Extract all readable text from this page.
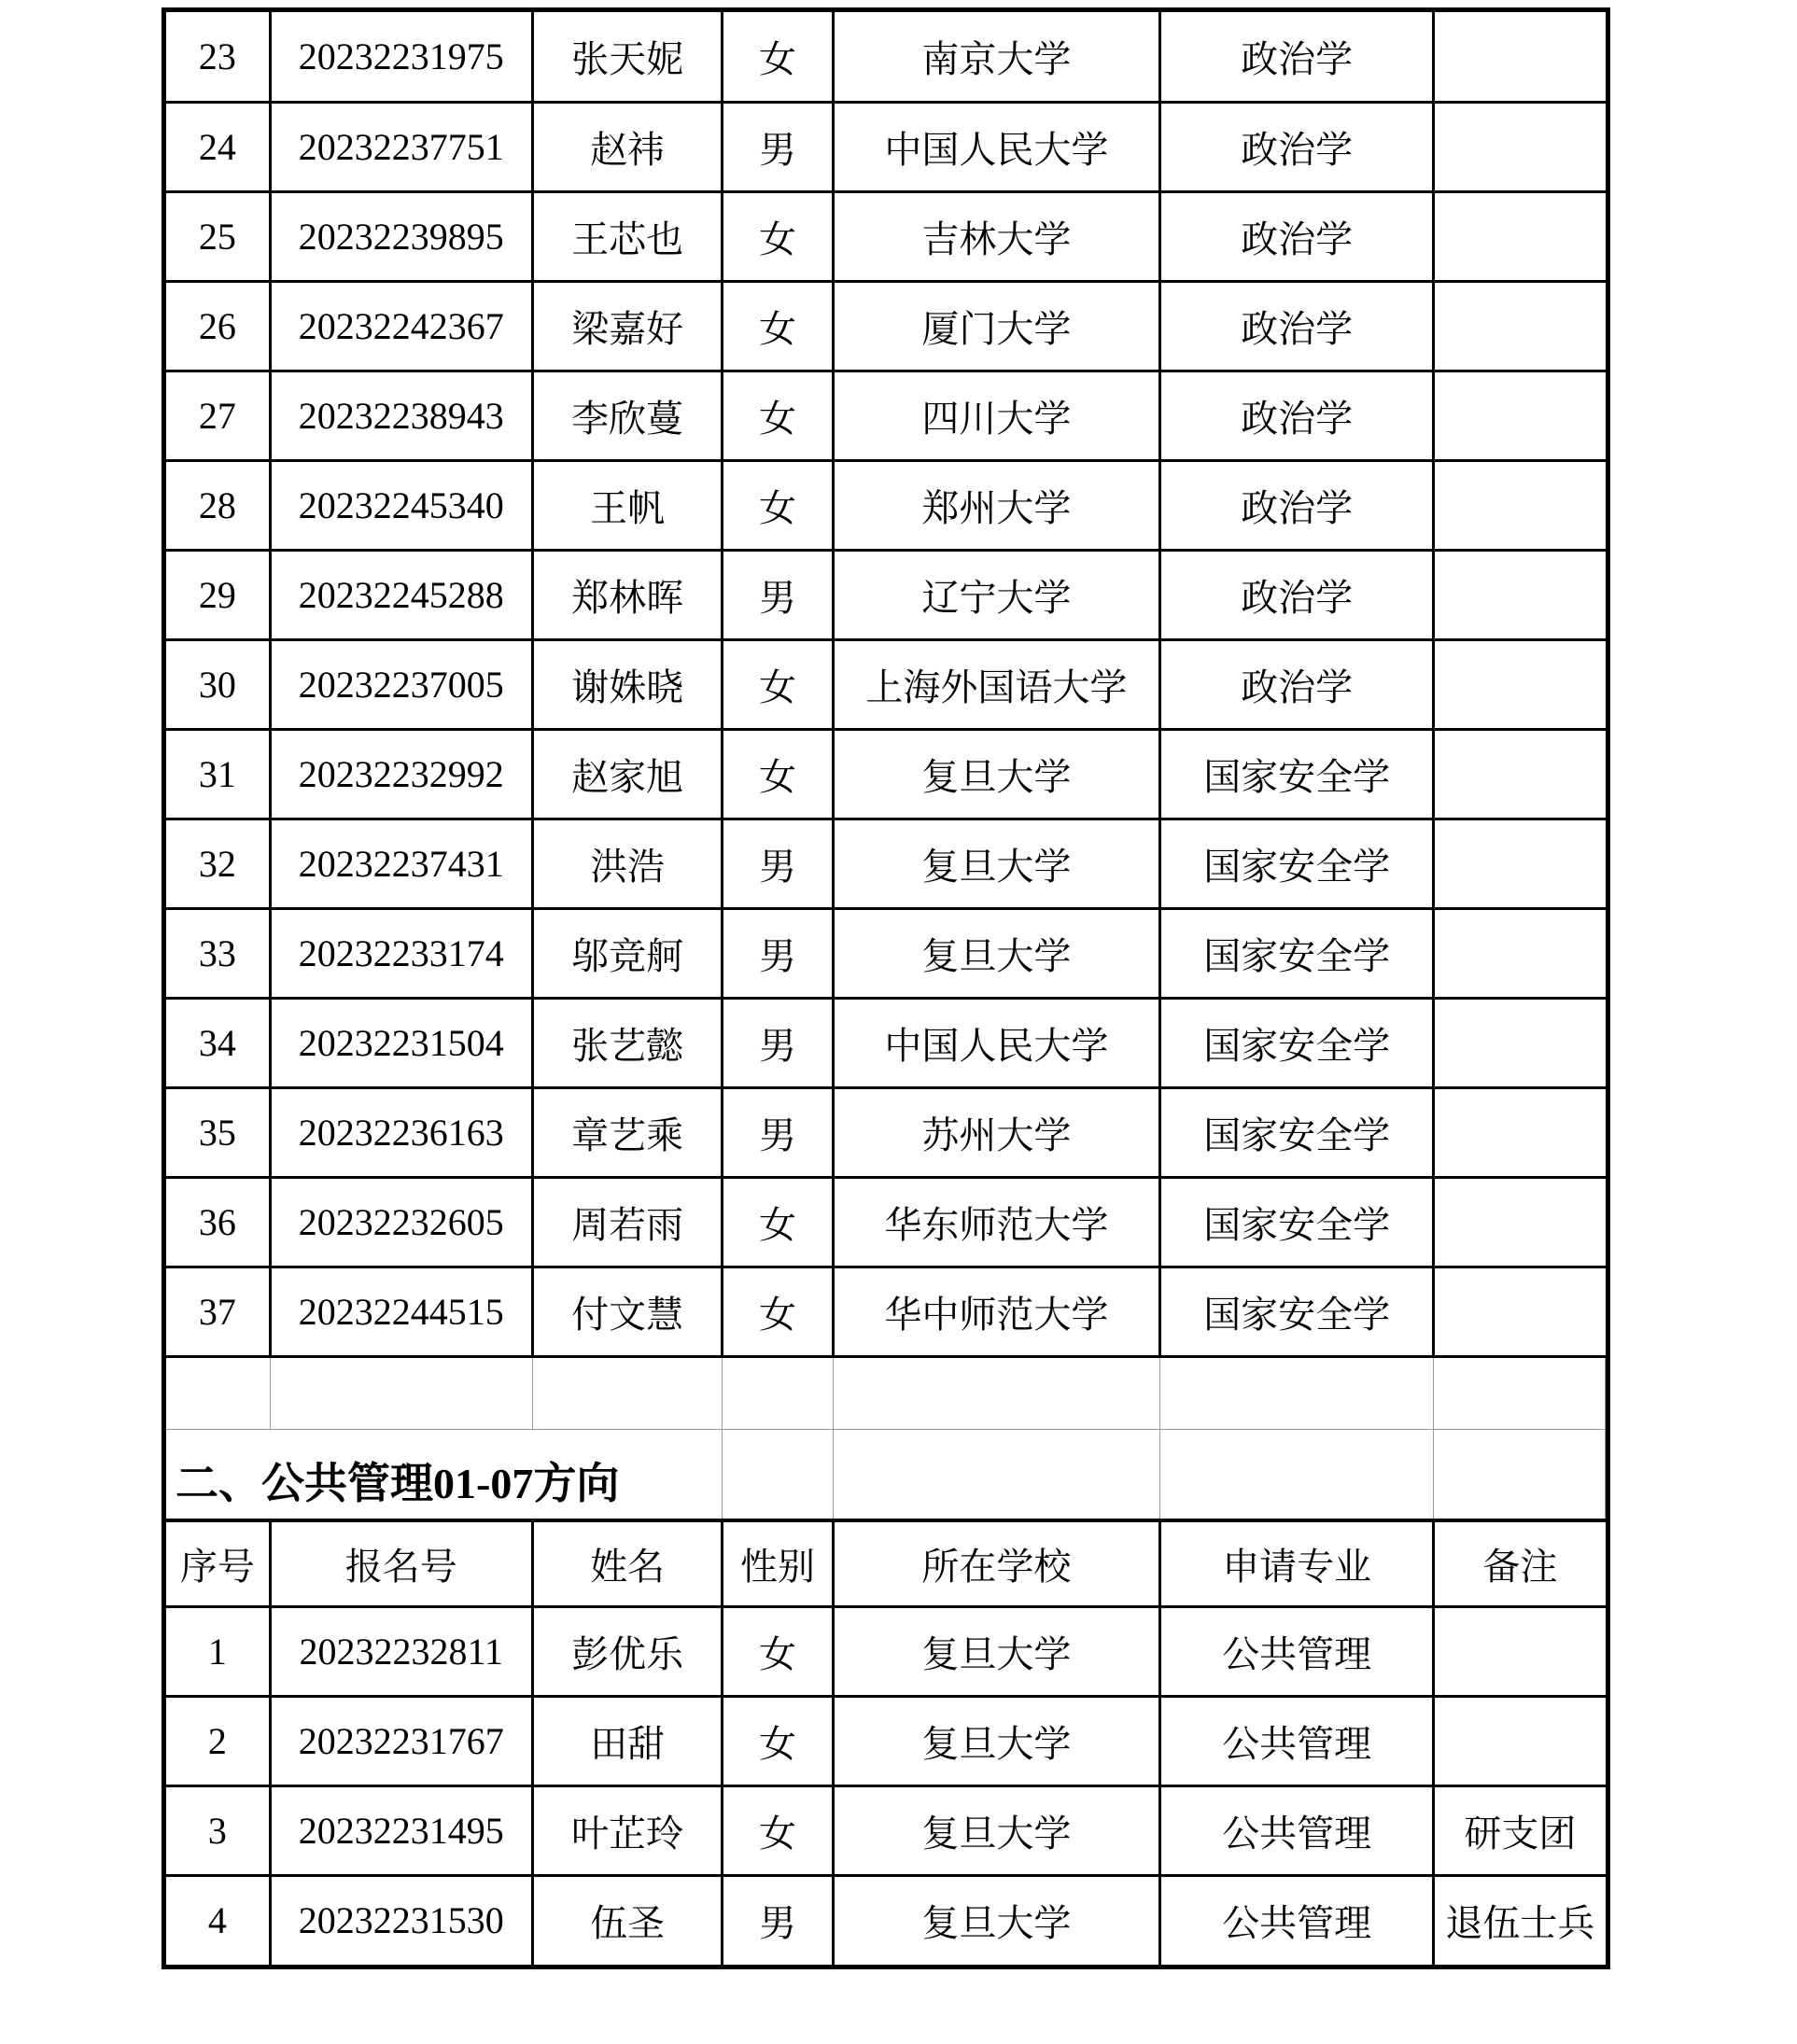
23	20232231975	张天妮	女	南京大学	政治学	
24	20232237751	赵祎	男	中国人民大学	政治学	
25	20232239895	王芯也	女	吉林大学	政治学	
26	20232242367	梁嘉好	女	厦门大学	政治学	
27	20232238943	李欣蔓	女	四川大学	政治学	
28	20232245340	王帆	女	郑州大学	政治学	
29	20232245288	郑林晖	男	辽宁大学	政治学	
30	20232237005	谢姝晓	女	上海外国语大学	政治学	
31	20232232992	赵家旭	女	复旦大学	国家安全学	
32	20232237431	洪浩	男	复旦大学	国家安全学	
33	20232233174	邬竞舸	男	复旦大学	国家安全学	
34	20232231504	张艺懿	男	中国人民大学	国家安全学	
35	20232236163	章艺乘	男	苏州大学	国家安全学	
36	20232232605	周若雨	女	华东师范大学	国家安全学	
37	20232244515	付文慧	女	华中师范大学	国家安全学	

二、公共管理01-07方向						
序号	报名号	姓名	性别	所在学校	申请专业	备注
1	20232232811	彭优乐	女	复旦大学	公共管理	
2	20232231767	田甜	女	复旦大学	公共管理	
3	20232231495	叶芷玲	女	复旦大学	公共管理	研支团
4	20232231530	伍圣	男	复旦大学	公共管理	退伍士兵
